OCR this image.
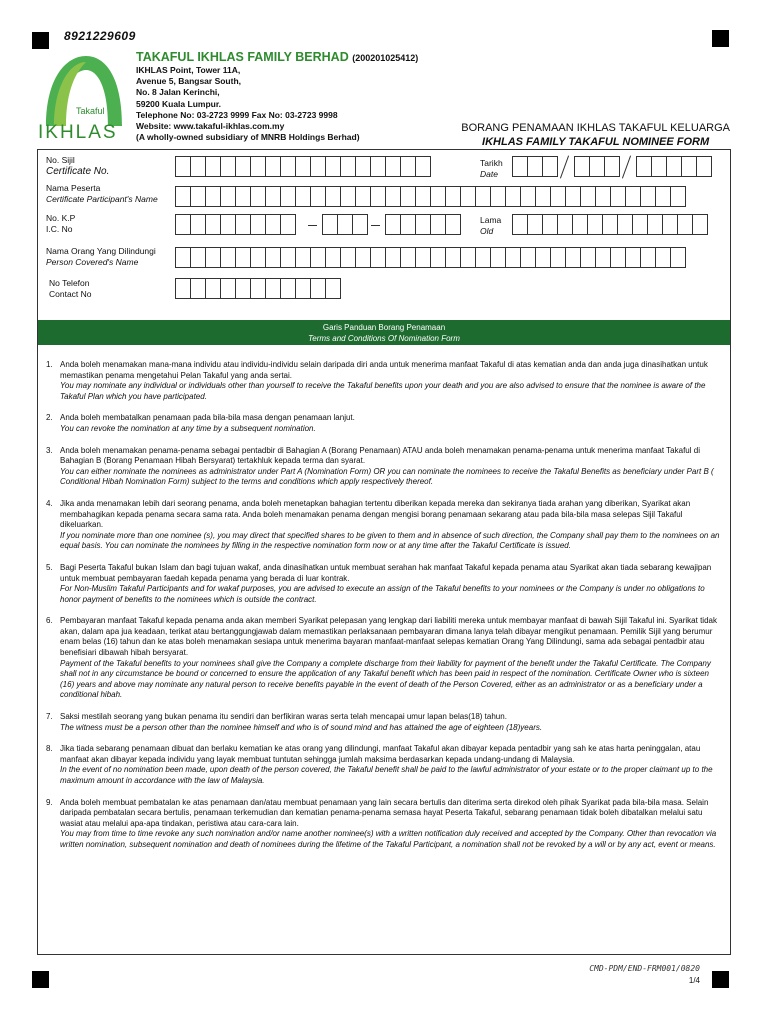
8921229609
Takaful
IKHLAS
TAKAFUL IKHLAS FAMILY BERHAD (200201025412)
IKHLAS Point, Tower 11A,
Avenue 5, Bangsar South,
No. 8 Jalan Kerinchi,
59200 Kuala Lumpur.
Telephone No: 03-2723 9999 Fax No: 03-2723 9998
Website: www.takaful-ikhlas.com.my
(A wholly-owned subsidiary of MNRB Holdings Berhad)
BORANG PENAMAAN IKHLAS TAKAFUL KELUARGA
IKHLAS FAMILY TAKAFUL NOMINEE FORM
No. Sijil
Certificate No.
Tarikh
Date
Nama Peserta
Certificate Participant's Name
No. K.P
I.C. No
Lama
Old
Nama Orang Yang Dilindungi
Person Covered's Name
No Telefon
Contact No
Garis Panduan Borang Penamaan
Terms and Conditions Of Nomination Form
1. Anda boleh menamakan mana-mana individu atau individu-individu selain daripada diri anda untuk menerima manfaat Takaful di atas kematian anda dan anda juga dinasihatkan untuk memastikan penama mengetahui Pelan Takaful yang anda sertai.
You may nominate any individual or individuals other than yourself to receive the Takaful benefits upon your death and you are also advised to ensure that the nominee is aware of the Takaful Plan which you have participated.
2. Anda boleh membatalkan penamaan pada bila-bila masa dengan penamaan lanjut.
You can revoke the nomination at any time by a subsequent nomination.
3. Anda boleh menamakan penama-penama sebagai pentadbir di Bahagian A (Borang Penamaan) ATAU anda boleh menamakan penama-penama untuk menerima manfaat Takaful di Bahagian B (Borang Penamaan Hibah Bersyarat) tertakhluk kepada terma dan syarat.
You can either nominate the nominees as administrator under Part A (Nomination Form) OR you can nominate the nominees to receive the Takaful Benefits as beneficiary under Part B ( Conditional Hibah Nomination Form) subject to the terms and conditions which apply respectively thereof.
4. Jika anda menamakan lebih dari seorang penama, anda boleh menetapkan bahagian tertentu diberikan kepada mereka dan sekiranya tiada arahan yang diberikan, Syarikat akan membahagikan kepada penama secara sama rata. Anda boleh menamakan penama dengan mengisi borang penamaan sekarang atau pada bila-bila masa selepas Sijil Takaful dikeluarkan.
If you nominate more than one nominee (s), you may direct that specified shares to be given to them and in absence of such direction, the Company shall pay them to the nominees on an equal basis. You can nominate the nominees by filling in the respective nomination form now or at any time after the Takaful Certificate is issued.
5. Bagi Peserta Takaful bukan Islam dan bagi tujuan wakaf, anda dinasihatkan untuk membuat serahan hak manfaat Takaful kepada penama atau Syarikat akan tiada sebarang kewajipan untuk membuat pembayaran faedah kepada penama yang berada di luar kontrak.
For Non-Muslim Takaful Participants and for wakaf purposes, you are advised to execute an assign of the Takaful benefits to your nominees or the Company is under no obligations to honor payment of benefits to the nominees which is outside the contract.
6. Pembayaran manfaat Takaful kepada penama anda akan memberi Syarikat pelepasan yang lengkap dari liabiliti mereka untuk membayar manfaat di bawah Sijil Takaful ini. Syarikat tidak akan, dalam apa jua keadaan, terikat atau bertanggungjawab dalam memastikan perlaksanaan pembayaran dimana lanya telah dibayar mengikut penamaan. Pemilik Sijil yang berumur enam belas (16) tahun dan ke atas boleh menamakan sesiapa untuk menerima bayaran manfaat-manfaat selepas kematian Orang Yang Dilindungi, sama ada sebagai pentadbir atau benefisiari dibawah hibah bersyarat.
Payment of the Takaful benefits to your nominees shall give the Company a complete discharge from their liability for payment of the benefit under the Takaful Certificate. The Company shall not in any circumstance be bound or concerned to ensure the application of any Takaful benefit which has been paid in respect of the nomination. Certificate Owner who is sixteen (16) years and above may nominate any natural person to receive benefits payable in the event of death of the Person Covered, either as an administrator or as a beneficiary under a conditional hibah.
7. Saksi mestilah seorang yang bukan penama itu sendiri dan berfikiran waras serta telah mencapai umur lapan belas(18) tahun.
The witness must be a person other than the nominee himself and who is of sound mind and has attained the age of eighteen (18)years.
8. Jika tiada sebarang penamaan dibuat dan berlaku kematian ke atas orang yang dilindungi, manfaat Takaful akan dibayar kepada pentadbir yang sah ke atas harta peninggalan, atau manfaat akan dibayar kepada individu yang layak membuat tuntutan sehingga jumlah maksima berdasarkan kepada undang-undang di Malaysia.
In the event of no nomination been made, upon death of the person covered, the Takaful benefit shall be paid to the lawful administrator of your estate or to the proper claimant up to the maximum amount in accordance with the law of Malaysia.
9. Anda boleh membuat pembatalan ke atas penamaan dan/atau membuat penamaan yang lain secara bertulis dan diterima serta direkod oleh pihak Syarikat pada bila-bila masa. Selain daripada pembatalan secara bertulis, penamaan terkemudian dan kematian penama-penama semasa hayat Peserta Takaful, sebarang penamaan tidak boleh dibatalkan melalui satu wasiat atau melalui apa-apa tindakan, peristiwa atau cara-cara lain.
You may from time to time revoke any such nomination and/or name another nominee(s) with a written notification duly received and accepted by the Company. Other than revocation via written nomination, subsequent nomination and death of nominees during the lifetime of the Takaful Participant, a nomination shall not be revoked by a will or by any act, event or means.
CMD-PDM/END-FRM001/0820
1/4
